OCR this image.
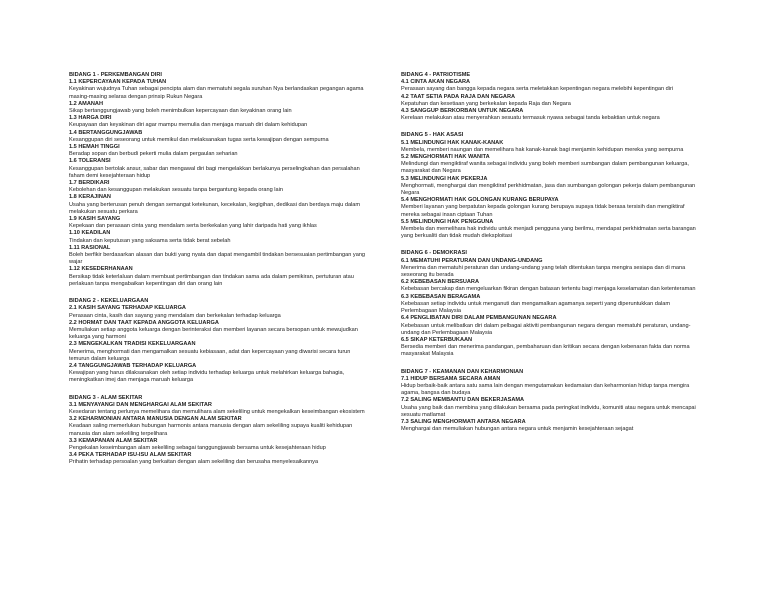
BIDANG 1 - PERKEMBANGAN DIRI
1.1 KEPERCAYAAN KEPADA TUHAN
Keyakinan wujudnya Tuhan sebagai pencipta alam dan mematuhi segala suruhan Nya berlandaskan pegangan agama masing-masing selaras dengan prinsip Rukun Negara
1.2 AMANAH
Sikap bertanggungjawab yang boleh menimbulkan kepercayaan dan keyakinan orang lain
1.3 HARGA DIRI
Keupayaan dan keyakinan diri agar mampu memulia dan menjaga maruah diri dalam kehidupan
1.4 BERTANGGUNGJAWAB
Kesanggupan diri seseorang untuk memikul dan melaksanakan tugas serta kewajipan dengan sempurna
1.5 HEMAH TINGGI
Beradap sopan dan berbudi pekerti mulia dalam pergaulan seharian
1.6 TOLERANSI
Kesanggupan bertolak ansur, sabar dan mengawal diri bagi mengelakkan berlakunya perselingkahan dan persalahan faham demi kesejahteraan hidup
1.7 BERDIKARI
Kebolehan dan kesanggupan melakukan sesuatu tanpa bergantung kepada orang lain
1.8 KERAJINAN
Usaha yang berterusan penuh dengan semangat ketekunan, kecekalan, kegigihan, dedikasi dan berdaya maju dalam melakukan sesuatu perkara
1.9 KASIH SAYANG
Kepekaan dan perasaan cinta yang mendalam serta berkekalan yang lahir daripada hati yang ikhlas
1.10 KEADILAN
Tindakan dan keputusan yang saksama serta tidak berat sebelah
1.11 RASIONAL
Boleh berfikir berdasarkan alasan dan bukti yang nyata dan dapat mengambil tindakan bersesuaian pertimbangan yang wajar
1.12 KESEDERHANAAN
Bersikap tidak keterlaluan dalam membuat pertimbangan dan tindakan sama ada dalam pemikiran, pertuturan atau perlakuan tanpa mengabaikan kepentingan diri dan orang lain
BIDANG 2 - KEKELUARGAAN
2.1 KASIH SAYANG TERHADAP KELUARGA
Perasaan cinta, kasih dan sayang yang mendalam dan berkekalan terhadap keluarga
2.2 HORMAT DAN TAAT KEPADA ANGGOTA KELUARGA
Memuliakan setiap anggota keluarga dengan berinteraksi dan memberi layanan secara bersopan untuk mewujudkan keluarga yang harmoni
2.3 MENGEKALKAN TRADISI KEKELUARGAAN
Menerima, menghormati dan mengamalkan sesuatu kebiasaan, adat dan kepercayaan yang diwarisi secara turun temurun dalam keluarga
2.4 TANGGUNGJAWAB TERHADAP KELUARGA
Kewajipan yang harus dilaksanakan oleh setiap individu terhadap keluarga untuk melahirkan keluarga bahagia, meningkatkan imej dan menjaga maruah keluarga
BIDANG 3 - ALAM SEKITAR
3.1 MENYAYANGI DAN MENGHARGAI ALAM SEKITAR
Kesedaran tentang perlunya memelihara dan memulihara alam sekeliling untuk mengekalkan keseimbangan ekosistem
3.2 KEHARMONIAN ANTARA MANUSIA DENGAN ALAM SEKITAR
Keadaan saling memerlukan hubungan harmonis antara manusia dengan alam sekeliling supaya kualiti kehidupan manusia dan alam sekeliling terpelihara
3.3 KEMAPANAN ALAM SEKITAR
Pengekalan keseimbangan alam sekeliling sebagai tanggungjawab bersama untuk kesejahteraan hidup
3.4 PEKA TERHADAP ISU-ISU ALAM SEKITAR
Prihatin terhadap persoalan yang berkaitan dengan alam sekeliling dan berusaha menyelesaikannya
BIDANG 4 - PATRIOTISME
4.1 CINTA AKAN NEGARA
Perasaan sayang dan bangga kepada negara serta meletakkan kepentingan negara melebihi kepentingan diri
4.2 TAAT SETIA PADA RAJA DAN NEGARA
Kepatuhan dan kesetiaan yang berkekalan kepada Raja dan Negara
4.3 SANGGUP BERKORBAN UNTUK NEGARA
Kerelaan melakukan atau menyerahkan sesuatu termasuk nyawa sebagai tanda kebaktian untuk negara
BIDANG 5 - HAK ASASI
5.1 MELINDUNGI HAK KANAK-KANAK
Membela, memberi naungan dan memelihara hak kanak-kanak bagi menjamin kehidupan mereka yang sempurna
5.2 MENGHORMATI HAK WANITA
Melindungi dan mengiktiraf wanita sebagai individu yang boleh memberi sumbangan dalam pembangunan keluarga, masyarakat dan Negara
5.3 MELINDUNGI HAK PEKERJA
Menghormati, menghargai dan mengiktiraf perkhidmatan, jasa dan sumbangan golongan pekerja dalam pembangunan Negara
5.4 MENGHORMATI HAK GOLONGAN KURANG BERUPAYA
Memberi layanan yang berpatutan kepada golongan kurang berupaya supaya tidak berasa tersisih dan mengiktiraf mereka sebagai insan ciptaan Tuhan
5.5 MELINDUNGI HAK PENGGUNA
Membela dan memelihara hak individu untuk menjadi pengguna yang berilmu, mendapat perkhidmatan serta barangan yang berkualiti dan tidak mudah dieksploitasi
BIDANG 6 - DEMOKRASI
6.1 MEMATUHI PERATURAN DAN UNDANG-UNDANG
Menerima dan mematuhi peraturan dan undang-undang yang telah ditentukan tanpa mengira sesiapa dan di mana seseorang itu berada
6.2 KEBEBASAN BERSUARA
Kebebasan bercakap dan mengeluarkan fikiran dengan batasan tertentu bagi menjaga keselamatan dan ketenteraman
6.3 KEBEBASAN BERAGAMA
Kebebasan setiap individu untuk menganuti dan mengamalkan agamanya seperti yang diperuntukkan dalam Perlembagaan Malaysia
6.4 PENGLIBATAN DIRI DALAM PEMBANGUNAN NEGARA
Kebebasan untuk melibatkan diri dalam pelbagai aktiviti pembangunan negara dengan mematuhi peraturan, undang-undang dan Perlembagaan Malaysia
6.5 SIKAP KETERBUKAAN
Bersedia memberi dan menerima pandangan, pembaharuan dan kritikan secara dengan kebenaran fakta dan norma masyarakat Malaysia
BIDANG 7 - KEAMANAN DAN KEHARMONIAN
7.1 HIDUP BERSAMA SECARA AMAN
Hidup berbaik-baik antara satu sama lain dengan mengutamakan kedamaian dan keharmonian hidup tanpa mengira agama, bangsa dan budaya
7.2 SALING MEMBANTU DAN BEKERJASAMA
Usaha yang baik dan membina yang dilakukan bersama pada peringkat individu, komuniti atau negara untuk mencapai sesuatu matlamat
7.3 SALING MENGHORMATI ANTARA NEGARA
Menghargai dan memuliakan hubungan antara negara untuk menjamin kesejahteraan sejagat
